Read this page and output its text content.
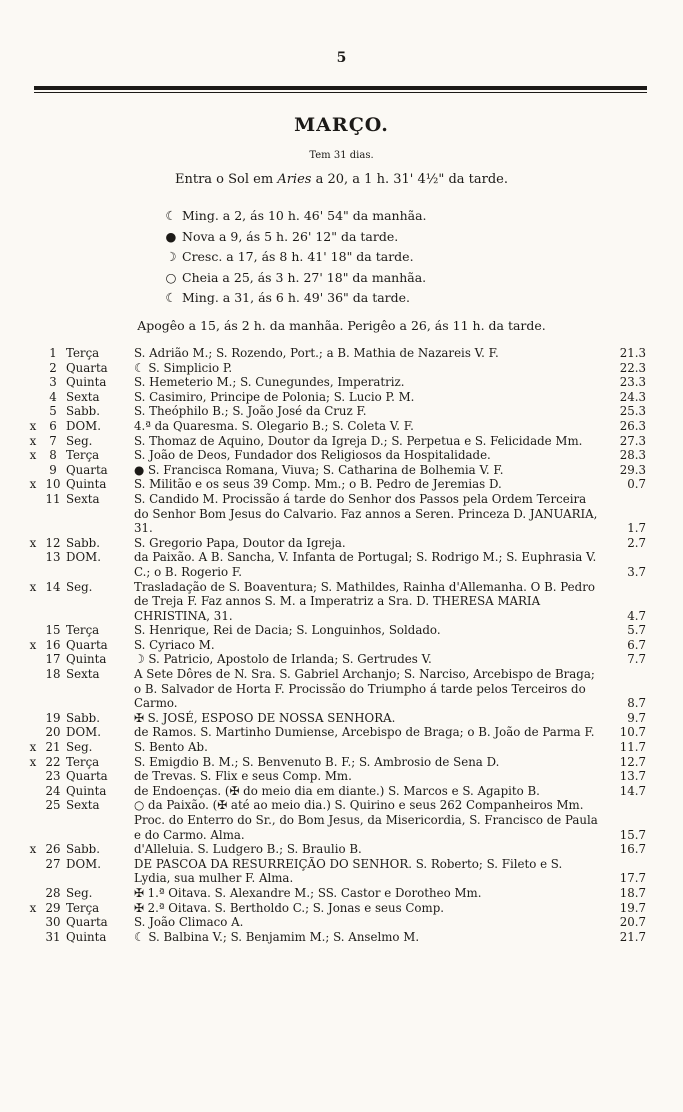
5
MARÇO.
Tem 31 dias.
Entra o Sol em Aries a 20, a 1 h. 31' 4½" da tarde.
☾ Ming. a 2, ás 10 h. 46' 54" da manhãa.
● Nova a 9, ás 5 h. 26' 12" da tarde.
☽ Cresc. a 17, ás 8 h. 41' 18" da tarde.
○ Cheia a 25, ás 3 h. 27' 18" da manhãa.
☾ Ming. a 31, ás 6 h. 49' 36" da tarde.
Apogêo a 15, ás 2 h. da manhãa. Perigêo a 26, ás 11 h. da tarde.
1 Terça	S. Adrião M.; S. Rozendo, Port.; a B. Mathia de Nazareis V. F.	21.3
2 Quarta	☾ S. Simplicio P.	22.3
3 Quinta	S. Hemeterio M.; S. Cunegundes, Imperatriz.	23.3
4 Sexta	S. Casimiro, Principe de Polonia; S. Lucio P. M.	24.3
5 Sabb.	S. Theóphilo B.; S. João José da Cruz F.	25.3
x	6 DOM.	4.ª da Quaresma. S. Olegario B.; S. Coleta V. F.	26.3
x	7 Seg.	S. Thomaz de Aquino, Doutor da Igreja D.; S. Perpetua e S. Felicidade Mm.	27.3
x	8 Terça	S. João de Deos, Fundador dos Religiosos da Hospitalidade.	28.3
9 Quarta	● S. Francisca Romana, Viuva; S. Catharina de Bolhemia V. F.	29.3
x 10 Quinta	S. Militão e os seus 39 Comp. Mm.; o B. Pedro de Jeremias D.	0.7
11 Sexta	S. Candido M. Procissão á tarde do Senhor dos Passos pela Ordem Terceira do Senhor Bom Jesus do Calvario. Faz annos a Seren. Princeza D. JANUARIA, 31.	1.7
x 12 Sabb.	S. Gregorio Papa, Doutor da Igreja.	2.7
13 DOM.	da Paixão. A B. Sancha, V. Infanta de Portugal; S. Rodrigo M.; S. Euphrasia V. C.; o B. Rogerio F.	3.7
x 14 Seg.	Trasladação de S. Boaventura; S. Mathildes, Rainha d'Allemanha. O B. Pedro de Treja F. Faz annos S. M. a Imperatriz a Sra. D. THERESA MARIA CHRISTINA, 31.	4.7
15 Terça	S. Henrique, Rei de Dacia; S. Longuinhos, Soldado.	5.7
x 16 Quarta	S. Cyriaco M.	6.7
17 Quinta	☽ S. Patricio, Apostolo de Irlanda; S. Gertrudes V.	7.7
18 Sexta	A Sete Dôres de N. Sra. S. Gabriel Archanjo; S. Narciso, Arcebispo de Braga; o B. Salvador de Horta F. Procissão do Triumpho á tarde pelos Terceiros do Carmo.	8.7
19 Sabb.	✠ S. JOSÉ, ESPOSO DE NOSSA SENHORA.	9.7
20 DOM.	de Ramos. S. Martinho Dumiense, Arcebispo de Braga; o B. João de Parma F.	10.7
x 21 Seg.	S. Bento Ab.	11.7
x 22 Terça	S. Emigdio B. M.; S. Benvenuto B. F.; S. Ambrosio de Sena D.	12.7
23 Quarta	de Trevas. S. Flix e seus Comp. Mm.	13.7
24 Quinta	de Endoenças. (✠ do meio dia em diante.) S. Marcos e S. Agapito B.	14.7
25 Sexta	○ da Paixão. (✠ até ao meio dia.) S. Quirino e seus 262 Companheiros Mm. Proc. do Enterro do Sr., do Bom Jesus, da Misericordia, S. Francisco de Paula e do Carmo. Alma.	15.7
x 26 Sabb.	d'Alleluia. S. Ludgero B.; S. Braulio B.	16.7
27 DOM.	DE PASCOA DA RESURREIÇÃO DO SENHOR. S. Roberto; S. Fileto e S. Lydia, sua mulher F. Alma.	17.7
28 Seg.	✠ 1.ª Oitava. S. Alexandre M.; SS. Castor e Dorotheo Mm.	18.7
x 29 Terça	✠ 2.ª Oitava. S. Bertholdo C.; S. Jonas e seus Comp.	19.7
30 Quarta	S. João Climaco A.	20.7
31 Quinta	☾ S. Balbina V.; S. Benjamim M.; S. Anselmo M.	21.7
